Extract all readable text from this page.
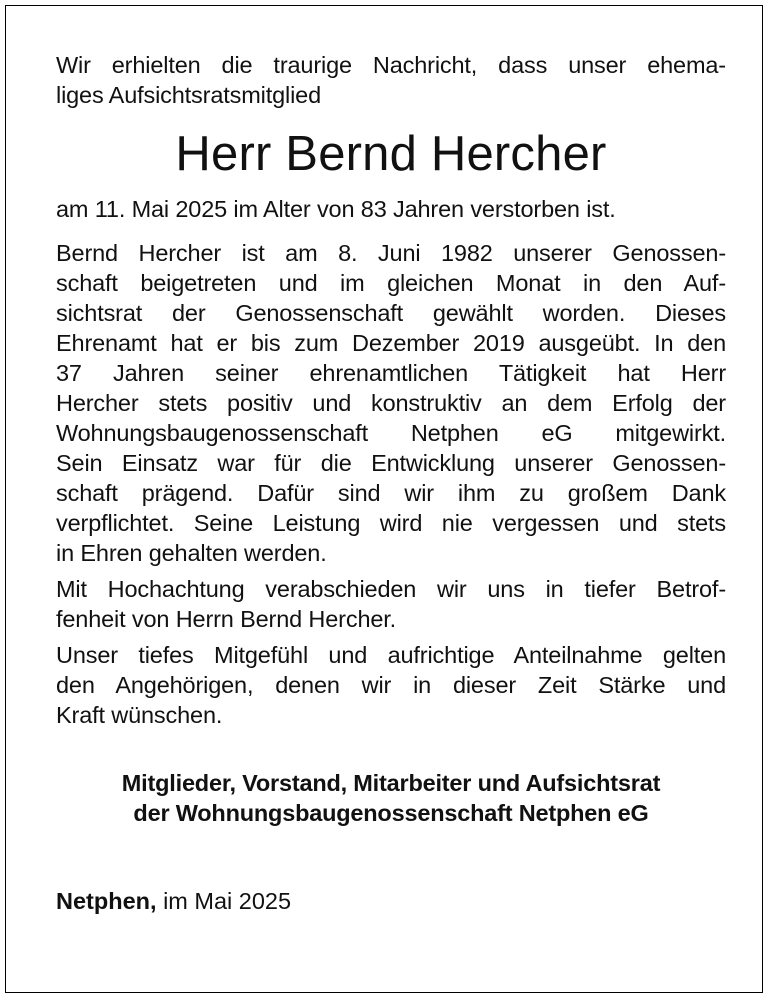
Wir erhielten die traurige Nachricht, dass unser ehema-
liges Aufsichtsratsmitglied

Herr Bernd Hercher

am 11. Mai 2025 im Alter von 83 Jahren verstorben ist.

Bernd Hercher ist am 8. Juni 1982 unserer Genossen-
schaft beigetreten und im gleichen Monat in den Auf-
sichtsrat der Genossenschaft gewählt worden. Dieses
Ehrenamt hat er bis zum Dezember 2019 ausgeübt. In den
37 Jahren seiner ehrenamtlichen Tätigkeit hat Herr
Hercher stets positiv und konstruktiv an dem Erfolg der
Wohnungsbaugenossenschaft Netphen eG mitgewirkt.
Sein Einsatz war für die Entwicklung unserer Genossen-
schaft prägend. Dafür sind wir ihm zu großem Dank
verpflichtet. Seine Leistung wird nie vergessen und stets
in Ehren gehalten werden.

Mit Hochachtung verabschieden wir uns in tiefer Betrof-
fenheit von Herrn Bernd Hercher.

Unser tiefes Mitgefühl und aufrichtige Anteilnahme gelten
den Angehörigen, denen wir in dieser Zeit Stärke und
Kraft wünschen.

Mitglieder, Vorstand, Mitarbeiter und Aufsichtsrat
der Wohnungsbaugenossenschaft Netphen eG
Netphen, im Mai 2025
